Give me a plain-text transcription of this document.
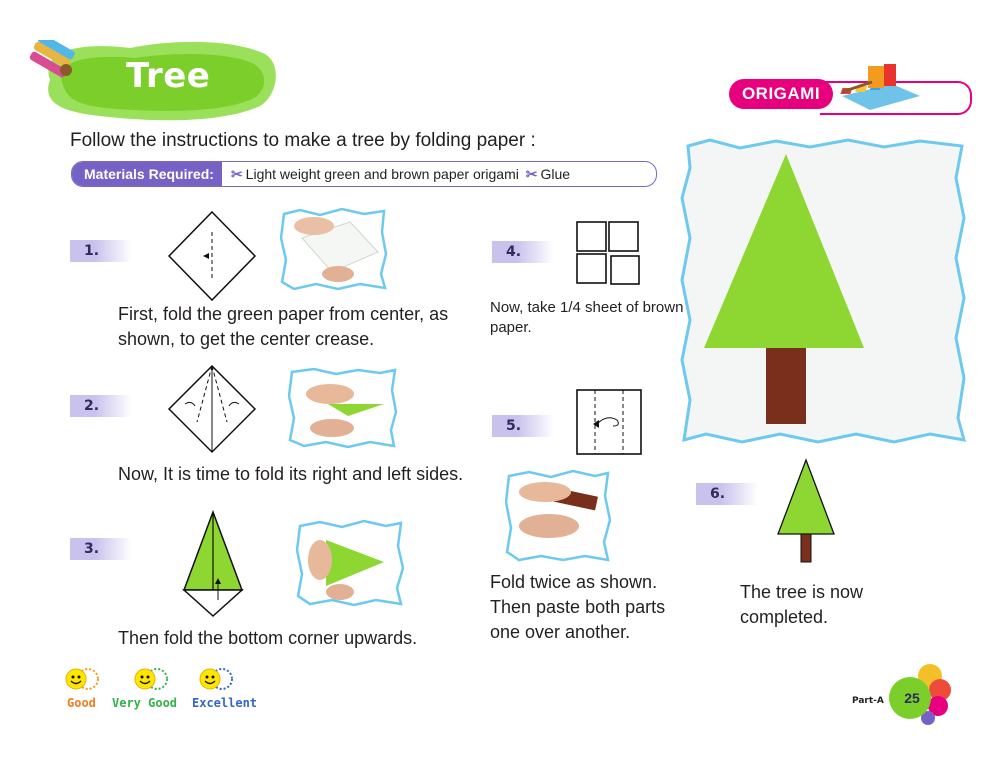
Tree	ORIGAMI
Follow the instructions to make a tree by folding paper :
Materials Required:	✂ Light weight green and brown paper origami ✂ Glue
1.
First, fold the green paper from center, as shown, to get the center crease.
2.
Now, It is time to fold its right and left sides.
3.
Then fold the bottom corner upwards.
4.
Now, take 1/4 sheet of brown paper.
5.
Fold twice as shown. Then paste both parts one over another.
6.
The tree is now completed.
Good Very Good Excellent	Part-A	25
